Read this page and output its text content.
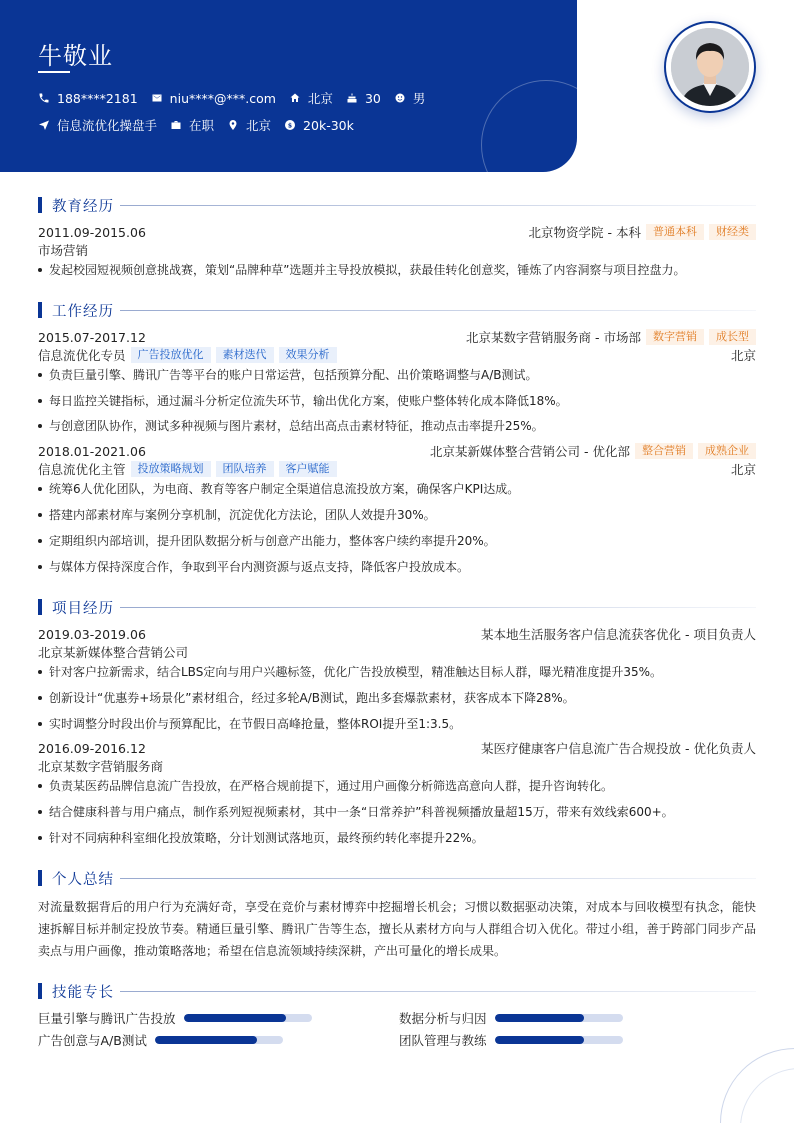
牛敬业
188****2181	niu****@***.com	北京	30	男
信息流优化操盘手	在职	北京 $ 20k-30k
教育经历
2011.09-2015.06	北京物资学院 - 本科	普通本科	财经类
市场营销
发起校园短视频创意挑战赛，策划“品牌种草”选题并主导投放模拟，获最佳转化创意奖，锤炼了内容洞察与项目控盘力。
工作经历
2015.07-2017.12	北京某数字营销服务商 - 市场部	数字营销	成长型
信息流优化专员	广告投放优化	素材迭代	效果分析	北京
负责巨量引擎、腾讯广告等平台的账户日常运营，包括预算分配、出价策略调整与A/B测试。
每日监控关键指标，通过漏斗分析定位流失环节，输出优化方案，使账户整体转化成本降低18%。
与创意团队协作，测试多种视频与图片素材，总结出高点击素材特征，推动点击率提升25%。
2018.01-2021.06	北京某新媒体整合营销公司 - 优化部	整合营销	成熟企业
信息流优化主管	投放策略规划	团队培养	客户赋能	北京
统筹6人优化团队，为电商、教育等客户制定全渠道信息流投放方案，确保客户KPI达成。
搭建内部素材库与案例分享机制，沉淀优化方法论，团队人效提升30%。
定期组织内部培训，提升团队数据分析与创意产出能力，整体客户续约率提升20%。
与媒体方保持深度合作，争取到平台内测资源与返点支持，降低客户投放成本。
项目经历
2019.03-2019.06	某本地生活服务客户信息流获客优化 - 项目负责人
北京某新媒体整合营销公司
针对客户拉新需求，结合LBS定向与用户兴趣标签，优化广告投放模型，精准触达目标人群，曝光精准度提升35%。
创新设计“优惠券+场景化”素材组合，经过多轮A/B测试，跑出多套爆款素材，获客成本下降28%。
实时调整分时段出价与预算配比，在节假日高峰抢量，整体ROI提升至1:3.5。
2016.09-2016.12	某医疗健康客户信息流广告合规投放 - 优化负责人
北京某数字营销服务商
负责某医药品牌信息流广告投放，在严格合规前提下，通过用户画像分析筛选高意向人群，提升咨询转化。
结合健康科普与用户痛点，制作系列短视频素材，其中一条“日常养护”科普视频播放量超15万，带来有效线索600+。
针对不同病种科室细化投放策略，分计划测试落地页，最终预约转化率提升22%。
个人总结
对流量数据背后的用户行为充满好奇，享受在竞价与素材博弈中挖掘增长机会；习惯以数据驱动决策，对成本与回收模型有执念，能快速拆解目标并制定投放节奏。精通巨量引擎、腾讯广告等生态，擅长从素材方向与人群组合切入优化。带过小组，善于跨部门同步产品卖点与用户画像，推动策略落地；希望在信息流领域持续深耕，产出可量化的增长成果。
技能专长
巨量引擎与腾讯广告投放	数据分析与归因
广告创意与A/B测试	团队管理与教练
